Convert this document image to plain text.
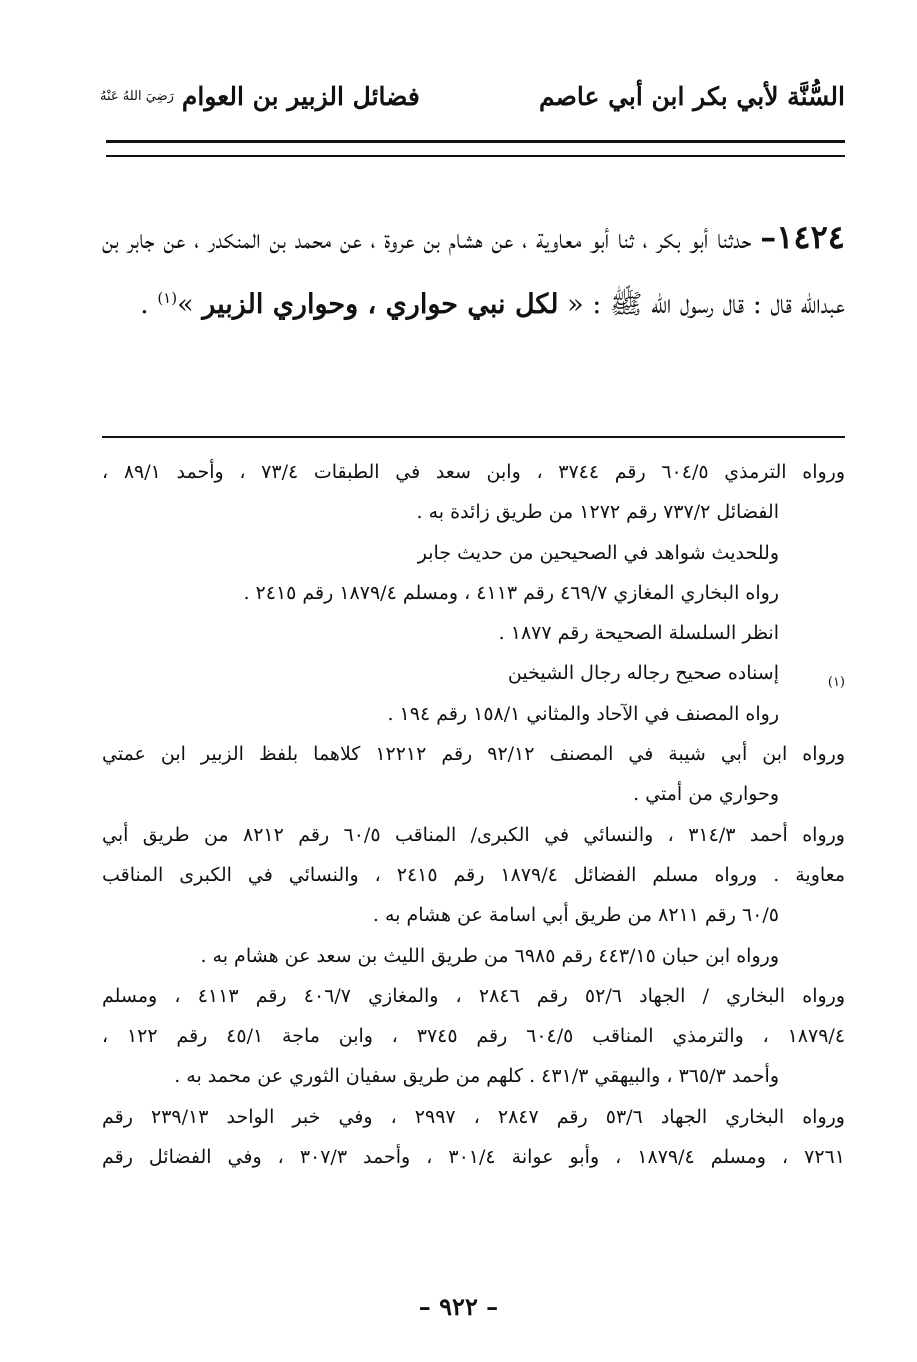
السُّنَّة لأبي بكر ابن أبي عاصم
فضائل الزبير بن العوام
رَضِيَ اللهُ عَنْهُ
١٤٢٤– حدثنا أبو بكر ، ثنا أبو معاوية ، عن هشام بن عروة ، عن محمد بن المنكدر ، عن جابر بن عبدالله قال : قال رسول الله ﷺ : « لكل نبي حواري ، وحواري الزبير »$^{(١)}$ .
(١)
ورواه الترمذي ٦٠٤/٥ رقم ٣٧٤٤ ، وابن سعد في الطبقات ٧٣/٤ ، وأحمد ٨٩/١ ،
الفضائل ٧٣٧/٢ رقم ١٢٧٢ من طريق زائدة به .
وللحديث شواهد في الصحيحين من حديث جابر
رواه البخاري المغازي ٤٦٩/٧ رقم ٤١١٣ ، ومسلم ١٨٧٩/٤ رقم ٢٤١٥ .
انظر السلسلة الصحيحة رقم ١٨٧٧ .
إسناده صحيح رجاله رجال الشيخين
رواه المصنف في الآحاد والمثاني ١٥٨/١ رقم ١٩٤ .
ورواه ابن أبي شيبة في المصنف ٩٢/١٢ رقم ١٢٢١٢ كلاهما بلفظ الزبير ابن عمتي
وحواري من أمتي .
ورواه أحمد ٣١٤/٣ ، والنسائي في الكبرى/ المناقب ٦٠/٥ رقم ٨٢١٢ من طريق أبي
معاوية . ورواه مسلم الفضائل ١٨٧٩/٤ رقم ٢٤١٥ ، والنسائي في الكبرى المناقب
٦٠/٥ رقم ٨٢١١ من طريق أبي اسامة عن هشام به .
ورواه ابن حبان ٤٤٣/١٥ رقم ٦٩٨٥ من طريق الليث بن سعد عن هشام به .
ورواه البخاري / الجهاد ٥٢/٦ رقم ٢٨٤٦ ، والمغازي ٤٠٦/٧ رقم ٤١١٣ ، ومسلم
١٨٧٩/٤ ، والترمذي المناقب ٦٠٤/٥ رقم ٣٧٤٥ ، وابن ماجة ٤٥/١ رقم ١٢٢ ،
وأحمد ٣٦٥/٣ ، والبيهقي ٤٣١/٣ . كلهم من طريق سفيان الثوري عن محمد به .
ورواه البخاري الجهاد ٥٣/٦ رقم ٢٨٤٧ ، ٢٩٩٧ ، وفي خبر الواحد ٢٣٩/١٣ رقم
٧٢٦١ ، ومسلم ١٨٧٩/٤ ، وأبو عوانة ٣٠١/٤ ، وأحمد ٣٠٧/٣ ، وفي الفضائل رقم
– ٩٢٢ –
